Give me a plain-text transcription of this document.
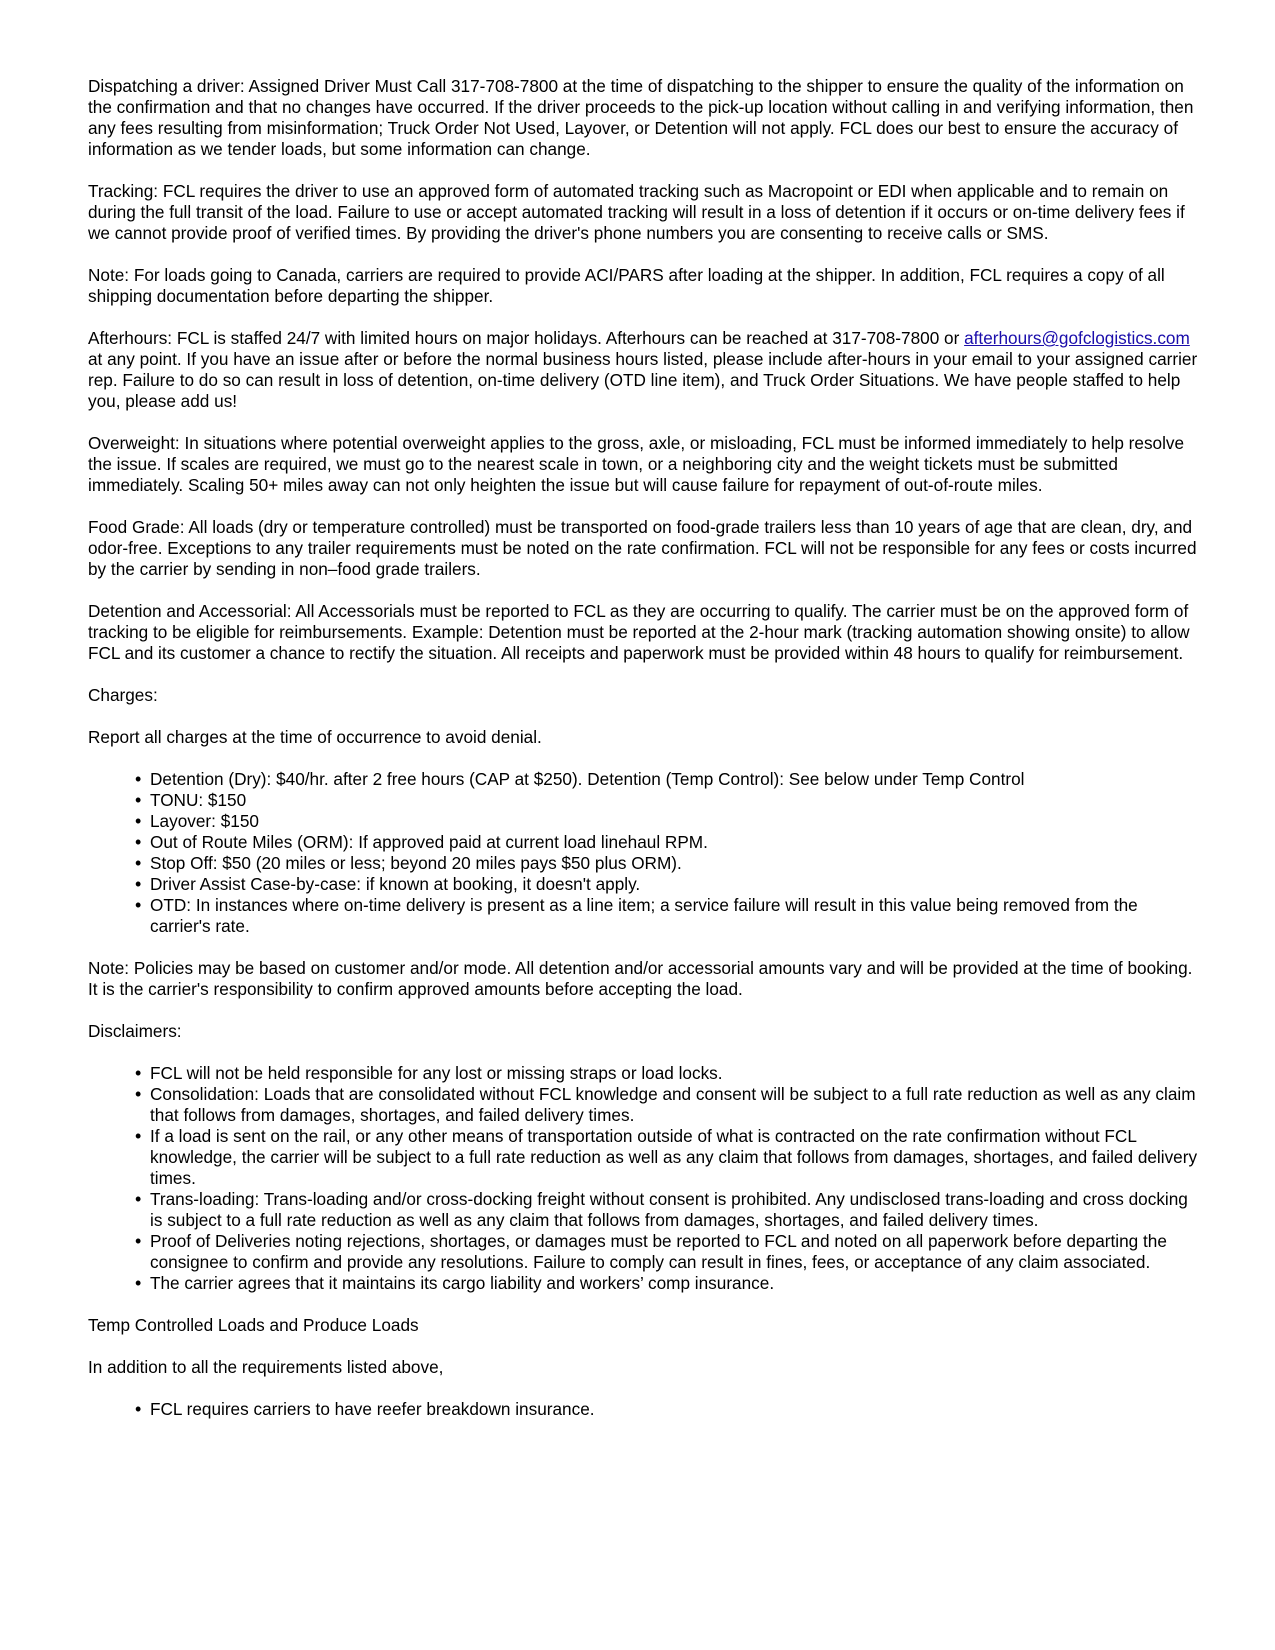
Dispatching a driver: Assigned Driver Must Call 317-708-7800 at the time of dispatching to the shipper to ensure the quality of the information on the confirmation and that no changes have occurred. If the driver proceeds to the pick-up location without calling in and verifying information, then any fees resulting from misinformation; Truck Order Not Used, Layover, or Detention will not apply. FCL does our best to ensure the accuracy of information as we tender loads, but some information can change.

Tracking: FCL requires the driver to use an approved form of automated tracking such as Macropoint or EDI when applicable and to remain on during the full transit of the load. Failure to use or accept automated tracking will result in a loss of detention if it occurs or on-time delivery fees if we cannot provide proof of verified times. By providing the driver's phone numbers you are consenting to receive calls or SMS.

Note: For loads going to Canada, carriers are required to provide ACI/PARS after loading at the shipper. In addition, FCL requires a copy of all shipping documentation before departing the shipper.

Afterhours: FCL is staffed 24/7 with limited hours on major holidays. Afterhours can be reached at 317-708-7800 or afterhours@gofclogistics.com at any point. If you have an issue after or before the normal business hours listed, please include after-hours in your email to your assigned carrier rep. Failure to do so can result in loss of detention, on-time delivery (OTD line item), and Truck Order Situations. We have people staffed to help you, please add us!

Overweight: In situations where potential overweight applies to the gross, axle, or misloading, FCL must be informed immediately to help resolve the issue. If scales are required, we must go to the nearest scale in town, or a neighboring city and the weight tickets must be submitted immediately. Scaling 50+ miles away can not only heighten the issue but will cause failure for repayment of out-of-route miles.

Food Grade: All loads (dry or temperature controlled) must be transported on food-grade trailers less than 10 years of age that are clean, dry, and odor-free. Exceptions to any trailer requirements must be noted on the rate confirmation. FCL will not be responsible for any fees or costs incurred by the carrier by sending in non–food grade trailers.

Detention and Accessorial: All Accessorials must be reported to FCL as they are occurring to qualify. The carrier must be on the approved form of tracking to be eligible for reimbursements. Example: Detention must be reported at the 2-hour mark (tracking automation showing onsite) to allow FCL and its customer a chance to rectify the situation. All receipts and paperwork must be provided within 48 hours to qualify for reimbursement.

Charges:

Report all charges at the time of occurrence to avoid denial.

• Detention (Dry): $40/hr. after 2 free hours (CAP at $250). Detention (Temp Control): See below under Temp Control
• TONU: $150
• Layover: $150
• Out of Route Miles (ORM): If approved paid at current load linehaul RPM.
• Stop Off: $50 (20 miles or less; beyond 20 miles pays $50 plus ORM).
• Driver Assist Case-by-case: if known at booking, it doesn't apply.
• OTD: In instances where on-time delivery is present as a line item; a service failure will result in this value being removed from the carrier's rate.

Note: Policies may be based on customer and/or mode. All detention and/or accessorial amounts vary and will be provided at the time of booking. It is the carrier's responsibility to confirm approved amounts before accepting the load.

Disclaimers:

• FCL will not be held responsible for any lost or missing straps or load locks.
• Consolidation: Loads that are consolidated without FCL knowledge and consent will be subject to a full rate reduction as well as any claim that follows from damages, shortages, and failed delivery times.
• If a load is sent on the rail, or any other means of transportation outside of what is contracted on the rate confirmation without FCL knowledge, the carrier will be subject to a full rate reduction as well as any claim that follows from damages, shortages, and failed delivery times.
• Trans-loading: Trans-loading and/or cross-docking freight without consent is prohibited. Any undisclosed trans-loading and cross docking is subject to a full rate reduction as well as any claim that follows from damages, shortages, and failed delivery times.
• Proof of Deliveries noting rejections, shortages, or damages must be reported to FCL and noted on all paperwork before departing the consignee to confirm and provide any resolutions. Failure to comply can result in fines, fees, or acceptance of any claim associated.
• The carrier agrees that it maintains its cargo liability and workers’ comp insurance.

Temp Controlled Loads and Produce Loads

In addition to all the requirements listed above,

• FCL requires carriers to have reefer breakdown insurance.
